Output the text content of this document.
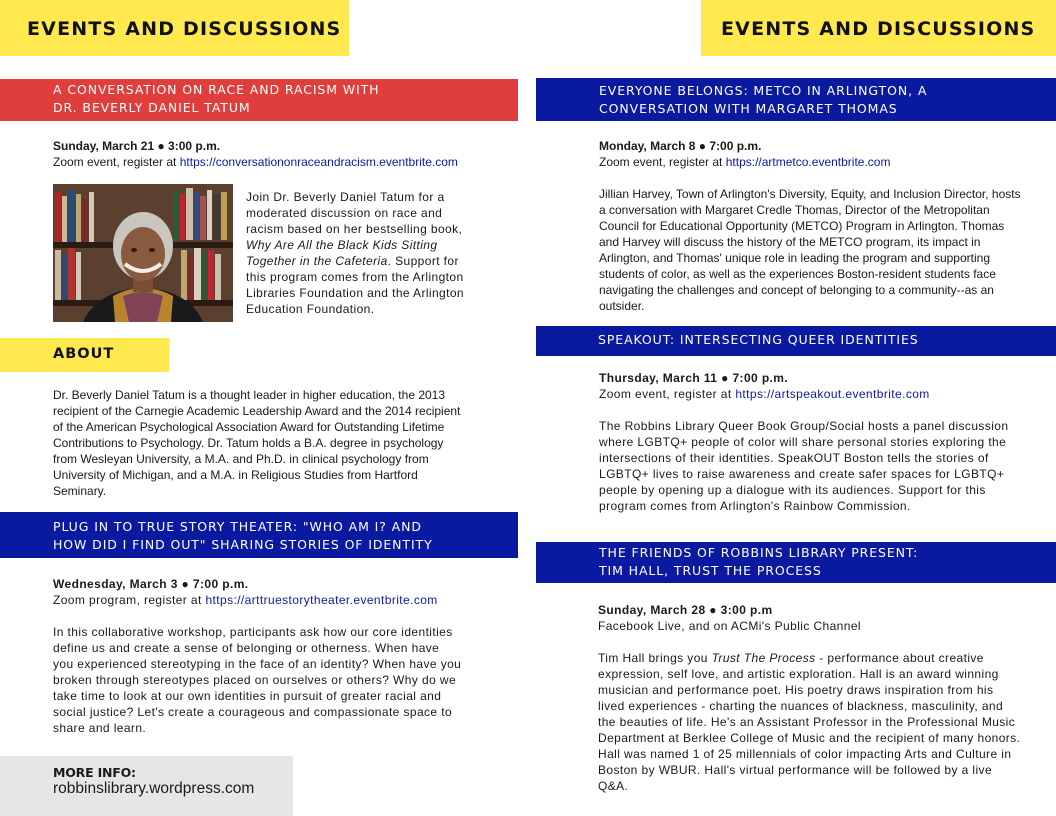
EVENTS AND DISCUSSIONS
A CONVERSATION ON RACE AND RACISM WITH
DR. BEVERLY DANIEL TATUM
Sunday, March 21 ● 3:00 p.m.
Zoom event, register at https://conversationonraceandracism.eventbrite.com
Join Dr. Beverly Daniel Tatum for a moderated discussion on race and racism based on her bestselling book, Why Are All the Black Kids Sitting Together in the Cafeteria. Support for this program comes from the Arlington Libraries Foundation and the Arlington Education Foundation.
ABOUT
Dr. Beverly Daniel Tatum is a thought leader in higher education, the 2013 recipient of the Carnegie Academic Leadership Award and the 2014 recipient of the American Psychological Association Award for Outstanding Lifetime Contributions to Psychology. Dr. Tatum holds a B.A. degree in psychology from Wesleyan University, a M.A. and Ph.D. in clinical psychology from University of Michigan, and a M.A. in Religious Studies from Hartford Seminary.
PLUG IN TO TRUE STORY THEATER: "WHO AM I? AND
HOW DID I FIND OUT" SHARING STORIES OF IDENTITY
Wednesday, March 3 ● 7:00 p.m.
Zoom program, register at https://arttruestorytheater.eventbrite.com
In this collaborative workshop, participants ask how our core identities define us and create a sense of belonging or otherness. When have you experienced stereotyping in the face of an identity? When have you broken through stereotypes placed on ourselves or others? Why do we take time to look at our own identities in pursuit of greater racial and social justice? Let's create a courageous and compassionate space to share and learn.
MORE INFO:
robbinslibrary.wordpress.com
EVENTS AND DISCUSSIONS
EVERYONE BELONGS: METCO IN ARLINGTON, A
CONVERSATION WITH MARGARET THOMAS
Monday, March 8 ● 7:00 p.m.
Zoom event, register at https://artmetco.eventbrite.com
Jillian Harvey, Town of Arlington's Diversity, Equity, and Inclusion Director, hosts a conversation with Margaret Credle Thomas, Director of the Metropolitan Council for Educational Opportunity (METCO) Program in Arlington. Thomas and Harvey will discuss the history of the METCO program, its impact in Arlington, and Thomas' unique role in leading the program and supporting students of color, as well as the experiences Boston-resident students face navigating the challenges and concept of belonging to a community--as an outsider.
SPEAKOUT: INTERSECTING QUEER IDENTITIES
Thursday, March 11 ● 7:00 p.m.
Zoom event, register at https://artspeakout.eventbrite.com
The Robbins Library Queer Book Group/Social hosts a panel discussion where LGBTQ+ people of color will share personal stories exploring the intersections of their identities. SpeakOUT Boston tells the stories of LGBTQ+ lives to raise awareness and create safer spaces for LGBTQ+ people by opening up a dialogue with its audiences. Support for this program comes from Arlington's Rainbow Commission.
THE FRIENDS OF ROBBINS LIBRARY PRESENT:
TIM HALL, TRUST THE PROCESS
Sunday, March 28 ● 3:00 p.m
Facebook Live, and on ACMi's Public Channel
Tim Hall brings you Trust The Process - performance about creative expression, self love, and artistic exploration. Hall is an award winning musician and performance poet. His poetry draws inspiration from his lived experiences - charting the nuances of blackness, masculinity, and the beauties of life. He's an Assistant Professor in the Professional Music Department at Berklee College of Music and the recipient of many honors. Hall was named 1 of 25 millennials of color impacting Arts and Culture in Boston by WBUR. Hall's virtual performance will be followed by a live Q&A.
